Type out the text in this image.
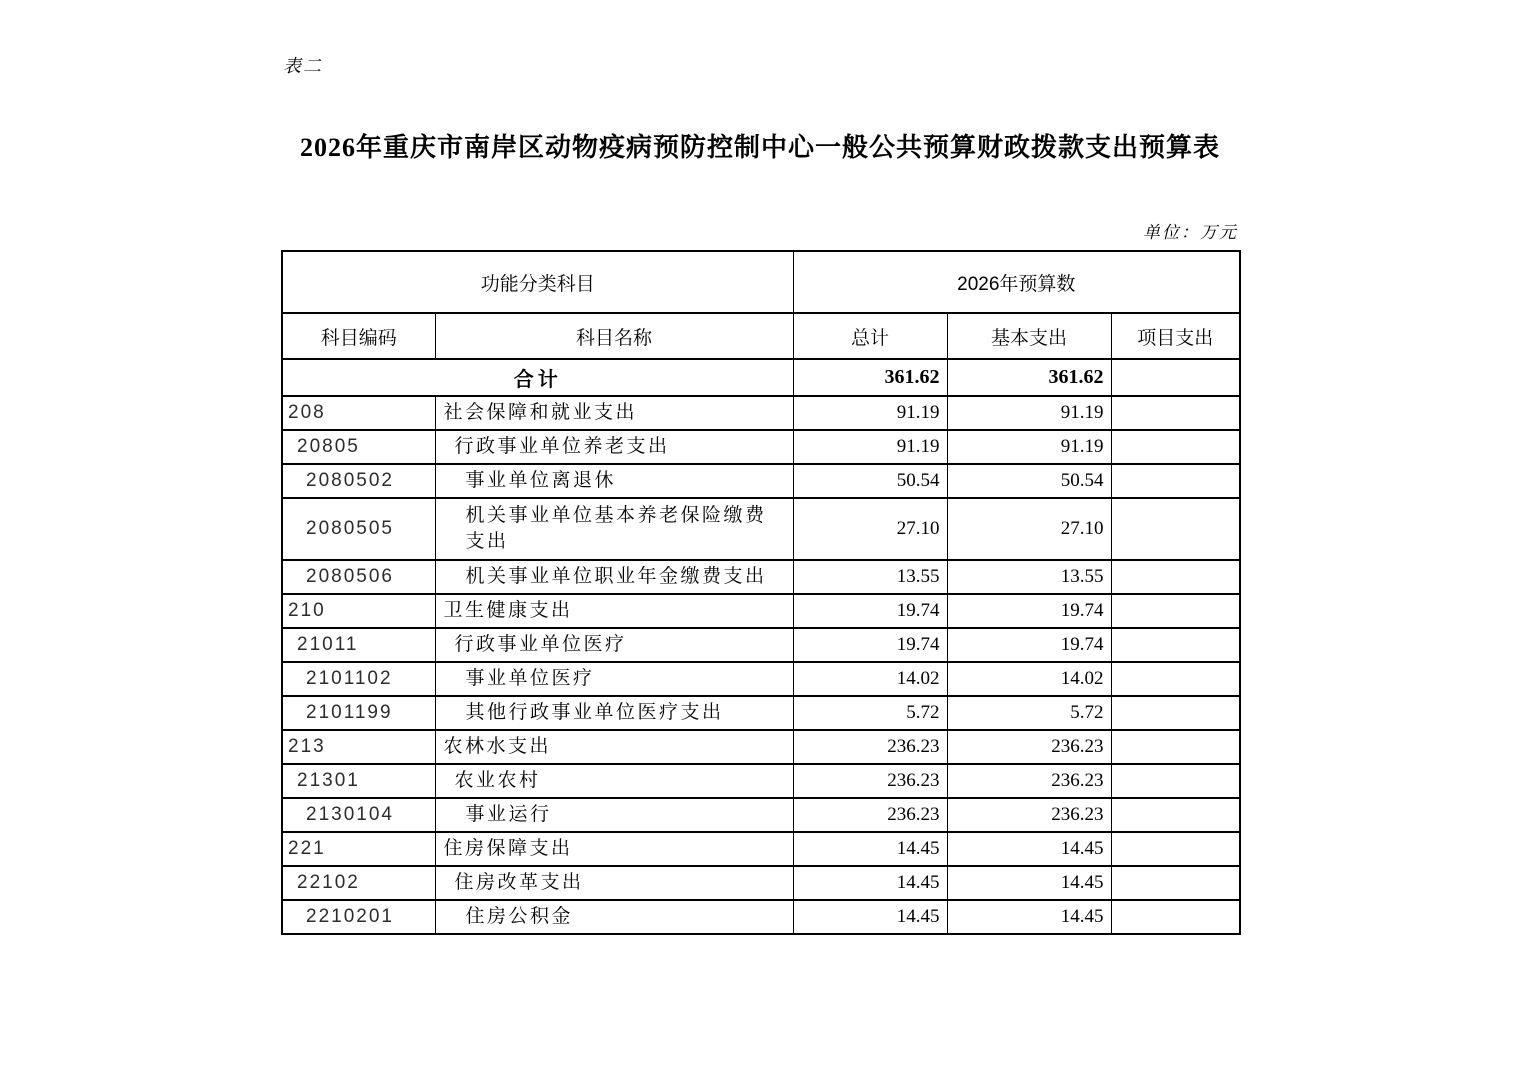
表二
2026年重庆市南岸区动物疫病预防控制中心一般公共预算财政拨款支出预算表
单位：万元
功能分类科目		2026年预算数		
科目编码	科目名称	总计	基本支出	项目支出
合计		361.62	361.62	
208	社会保障和就业支出	91.19	91.19	
20805	行政事业单位养老支出	91.19	91.19	
2080502	事业单位离退休	50.54	50.54	
2080505	机关事业单位基本养老保险缴费支出	27.10	27.10	
2080506	机关事业单位职业年金缴费支出	13.55	13.55	
210	卫生健康支出	19.74	19.74	
21011	行政事业单位医疗	19.74	19.74	
2101102	事业单位医疗	14.02	14.02	
2101199	其他行政事业单位医疗支出	5.72	5.72	
213	农林水支出	236.23	236.23	
21301	农业农村	236.23	236.23	
2130104	事业运行	236.23	236.23	
221	住房保障支出	14.45	14.45	
22102	住房改革支出	14.45	14.45	
2210201	住房公积金	14.45	14.45	
